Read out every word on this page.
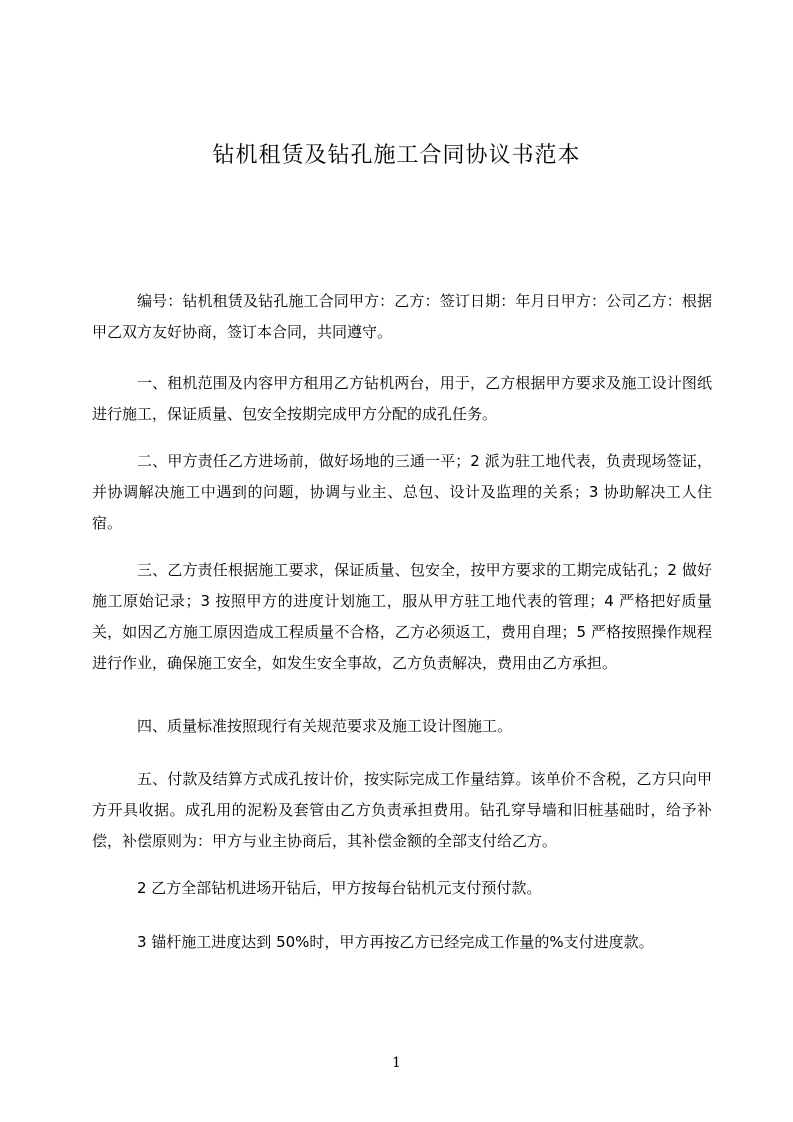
钻机租赁及钻孔施工合同协议书范本
编号：钻机租赁及钻孔施工合同甲方：乙方：签订日期：年月日甲方：公司乙方：根据甲乙双方友好协商，签订本合同，共同遵守。
一、租机范围及内容甲方租用乙方钻机两台，用于，乙方根据甲方要求及施工设计图纸进行施工，保证质量、包安全按期完成甲方分配的成孔任务。
二、甲方责任乙方进场前，做好场地的三通一平；2 派为驻工地代表，负责现场签证，并协调解决施工中遇到的问题，协调与业主、总包、设计及监理的关系；3 协助解决工人住宿。
三、乙方责任根据施工要求，保证质量、包安全，按甲方要求的工期完成钻孔；2 做好施工原始记录；3 按照甲方的进度计划施工，服从甲方驻工地代表的管理；4 严格把好质量关，如因乙方施工原因造成工程质量不合格，乙方必须返工，费用自理；5 严格按照操作规程进行作业，确保施工安全，如发生安全事故，乙方负责解决，费用由乙方承担。
四、质量标准按照现行有关规范要求及施工设计图施工。
五、付款及结算方式成孔按计价，按实际完成工作量结算。该单价不含税，乙方只向甲方开具收据。成孔用的泥粉及套管由乙方负责承担费用。钻孔穿导墙和旧桩基础时，给予补偿，补偿原则为：甲方与业主协商后，其补偿金额的全部支付给乙方。
2 乙方全部钻机进场开钻后，甲方按每台钻机元支付预付款。
3 锚杆施工进度达到 50%时，甲方再按乙方已经完成工作量的%支付进度款。
1
